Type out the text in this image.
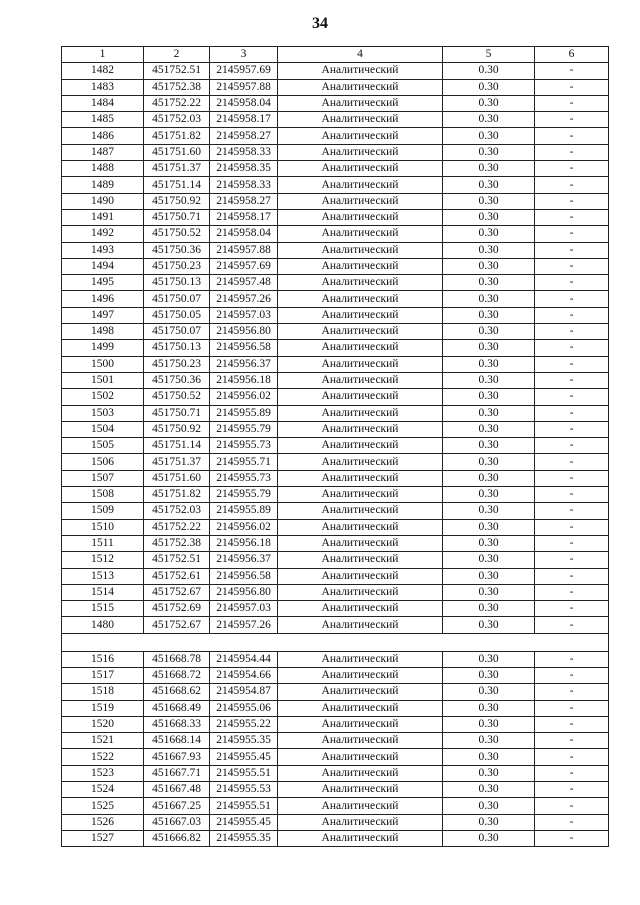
34
1	2	3	4	5	6
1482	451752.51	2145957.69	Аналитический	0.30	-
1483	451752.38	2145957.88	Аналитический	0.30	-
1484	451752.22	2145958.04	Аналитический	0.30	-
1485	451752.03	2145958.17	Аналитический	0.30	-
1486	451751.82	2145958.27	Аналитический	0.30	-
1487	451751.60	2145958.33	Аналитический	0.30	-
1488	451751.37	2145958.35	Аналитический	0.30	-
1489	451751.14	2145958.33	Аналитический	0.30	-
1490	451750.92	2145958.27	Аналитический	0.30	-
1491	451750.71	2145958.17	Аналитический	0.30	-
1492	451750.52	2145958.04	Аналитический	0.30	-
1493	451750.36	2145957.88	Аналитический	0.30	-
1494	451750.23	2145957.69	Аналитический	0.30	-
1495	451750.13	2145957.48	Аналитический	0.30	-
1496	451750.07	2145957.26	Аналитический	0.30	-
1497	451750.05	2145957.03	Аналитический	0.30	-
1498	451750.07	2145956.80	Аналитический	0.30	-
1499	451750.13	2145956.58	Аналитический	0.30	-
1500	451750.23	2145956.37	Аналитический	0.30	-
1501	451750.36	2145956.18	Аналитический	0.30	-
1502	451750.52	2145956.02	Аналитический	0.30	-
1503	451750.71	2145955.89	Аналитический	0.30	-
1504	451750.92	2145955.79	Аналитический	0.30	-
1505	451751.14	2145955.73	Аналитический	0.30	-
1506	451751.37	2145955.71	Аналитический	0.30	-
1507	451751.60	2145955.73	Аналитический	0.30	-
1508	451751.82	2145955.79	Аналитический	0.30	-
1509	451752.03	2145955.89	Аналитический	0.30	-
1510	451752.22	2145956.02	Аналитический	0.30	-
1511	451752.38	2145956.18	Аналитический	0.30	-
1512	451752.51	2145956.37	Аналитический	0.30	-
1513	451752.61	2145956.58	Аналитический	0.30	-
1514	451752.67	2145956.80	Аналитический	0.30	-
1515	451752.69	2145957.03	Аналитический	0.30	-
1480	451752.67	2145957.26	Аналитический	0.30	-

1516	451668.78	2145954.44	Аналитический	0.30	-
1517	451668.72	2145954.66	Аналитический	0.30	-
1518	451668.62	2145954.87	Аналитический	0.30	-
1519	451668.49	2145955.06	Аналитический	0.30	-
1520	451668.33	2145955.22	Аналитический	0.30	-
1521	451668.14	2145955.35	Аналитический	0.30	-
1522	451667.93	2145955.45	Аналитический	0.30	-
1523	451667.71	2145955.51	Аналитический	0.30	-
1524	451667.48	2145955.53	Аналитический	0.30	-
1525	451667.25	2145955.51	Аналитический	0.30	-
1526	451667.03	2145955.45	Аналитический	0.30	-
1527	451666.82	2145955.35	Аналитический	0.30	-
